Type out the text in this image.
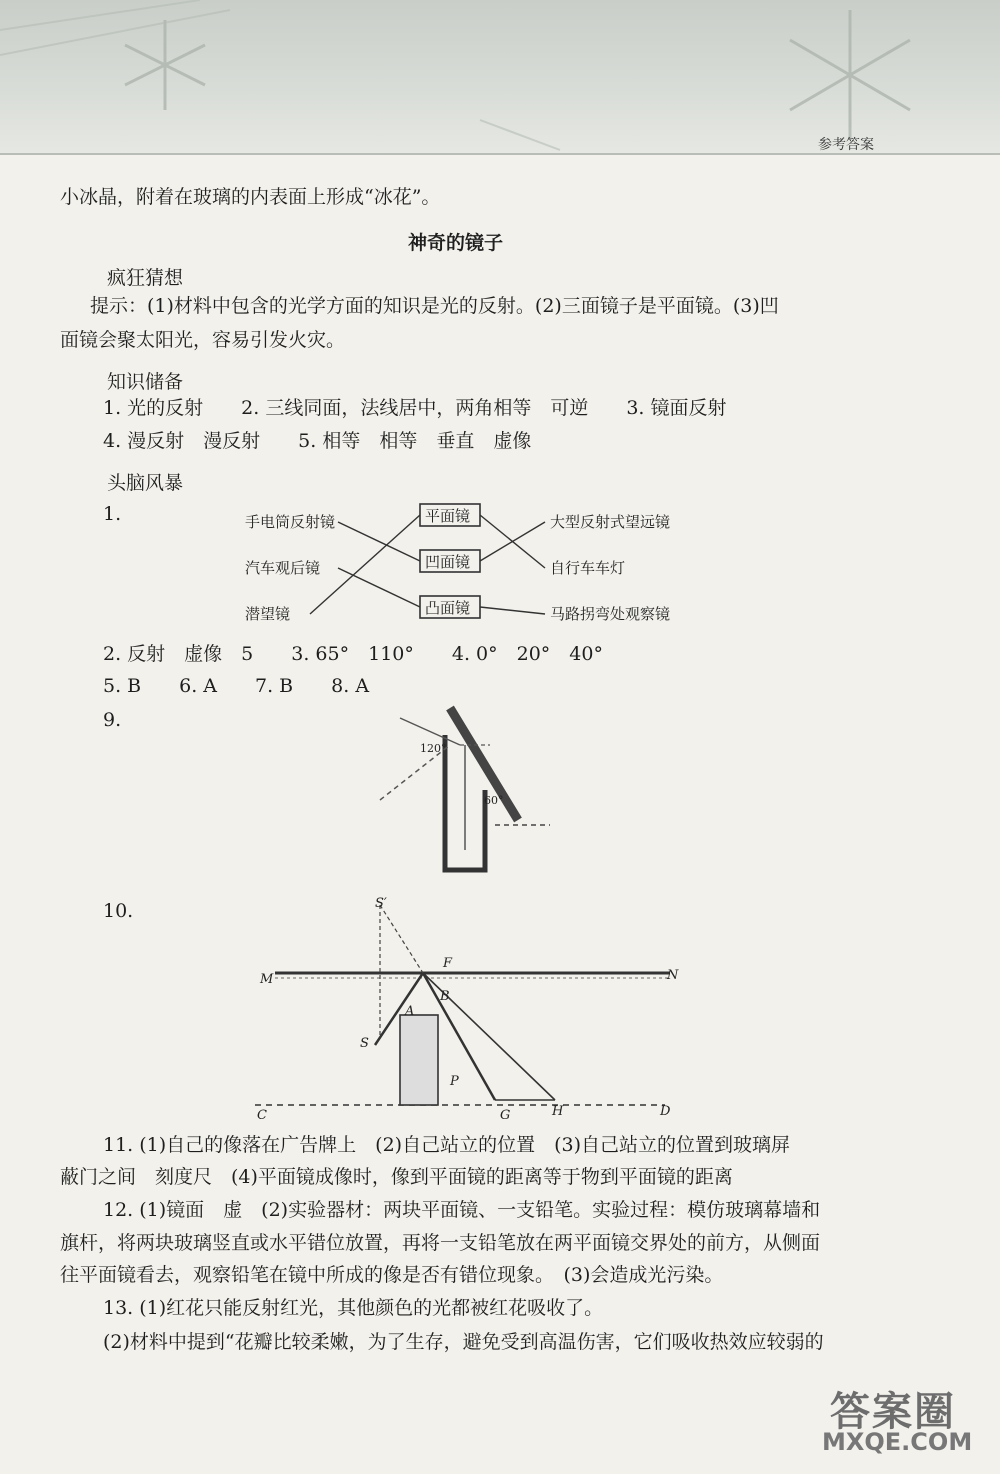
参考答案
小冰晶，附着在玻璃的内表面上形成“冰花”。
神奇的镜子
疯狂猜想
提示：(1)材料中包含的光学方面的知识是光的反射。(2)三面镜子是平面镜。(3)凹
面镜会聚太阳光，容易引发火灾。
知识储备
1. 光的反射　　2. 三线同面，法线居中，两角相等　可逆　　3. 镜面反射
4. 漫反射　漫反射　　5. 相等　相等　垂直　虚像
头脑风暴
1.	手电筒反射镜
汽车观后镜
潜望镜
平面镜
凹面镜
凸面镜
大型反射式望远镜
自行车车灯
马路拐弯处观察镜
2. 反射　虚像　5　　3. 65°　110°　　4. 0°　20°　40°
5. B　　6. A　　7. B　　8. A
9.
120°
60°
10.	S′
F
M	N
B
A
S
P
C	G	H	D
11. (1)自己的像落在广告牌上　(2)自己站立的位置　(3)自己站立的位置到玻璃屏
蔽门之间　刻度尺　(4)平面镜成像时，像到平面镜的距离等于物到平面镜的距离
12. (1)镜面　虚　(2)实验器材：两块平面镜、一支铅笔。实验过程：模仿玻璃幕墙和
旗杆，将两块玻璃竖直或水平错位放置，再将一支铅笔放在两平面镜交界处的前方，从侧面
往平面镜看去，观察铅笔在镜中所成的像是否有错位现象。　(3)会造成光污染。
13. (1)红花只能反射红光，其他颜色的光都被红花吸收了。
(2)材料中提到“花瓣比较柔嫩，为了生存，避免受到高温伤害，它们吸收热效应较弱的
答案圈
MXQE.COM
